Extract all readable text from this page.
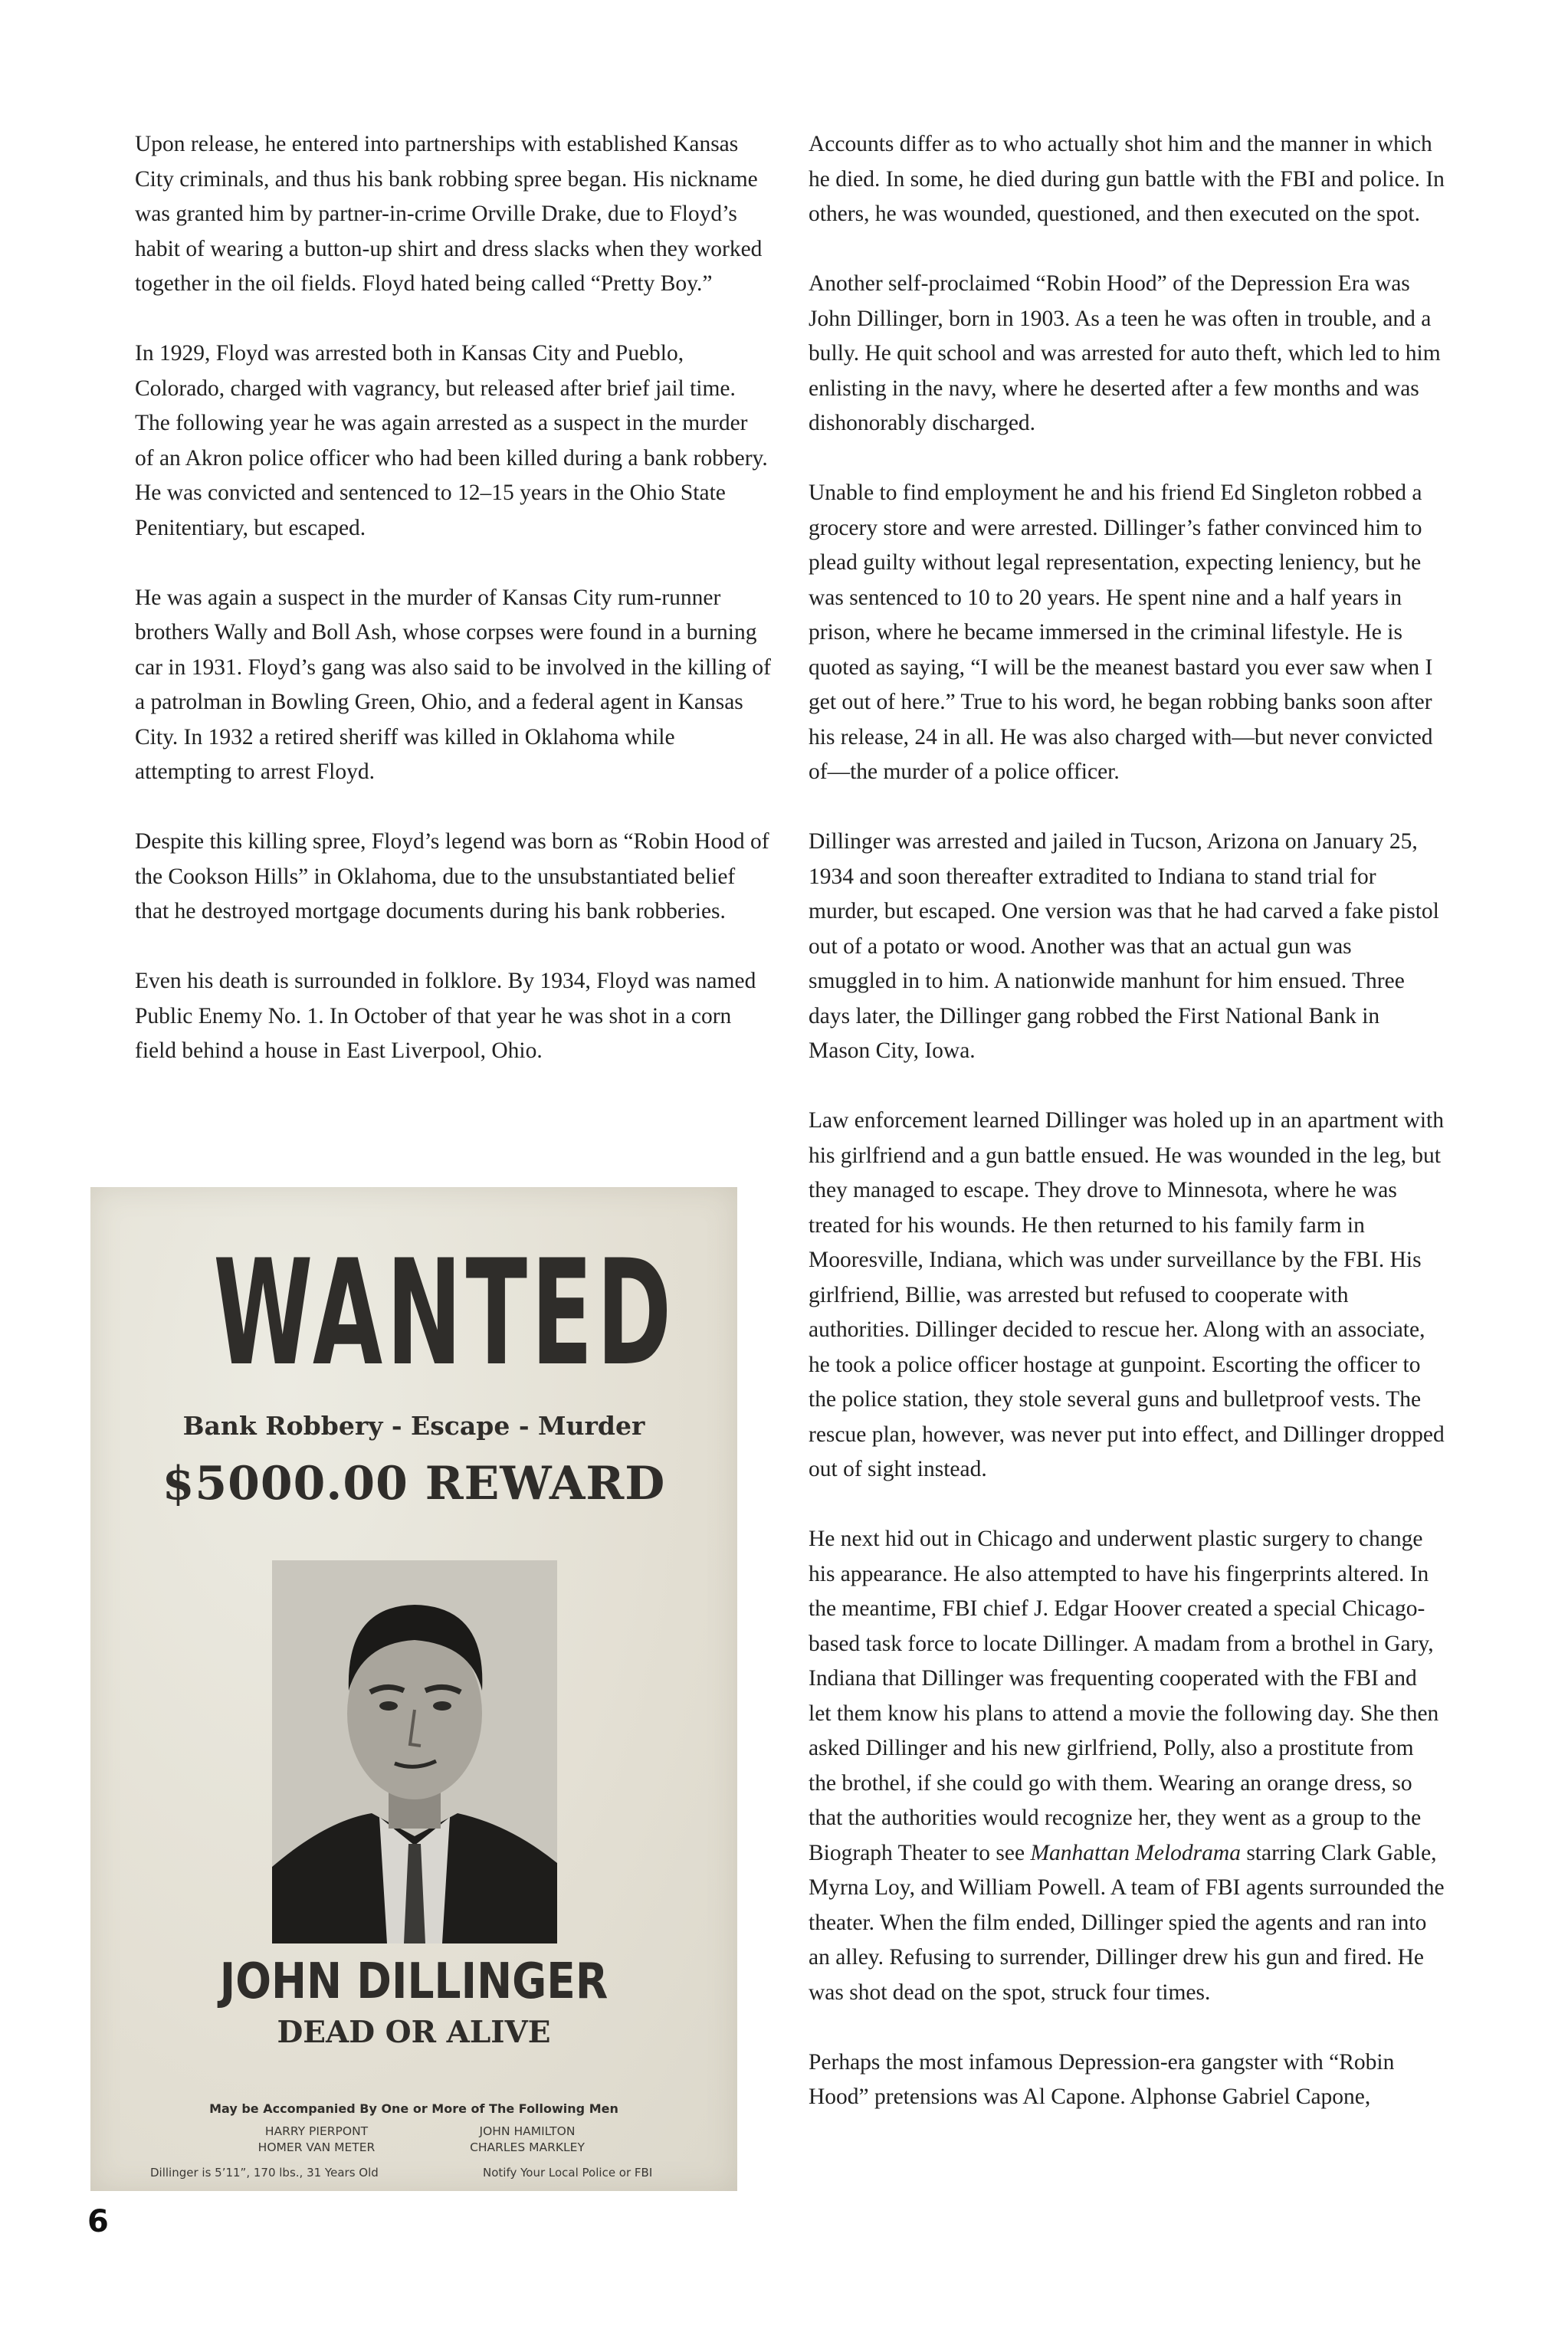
Upon release, he entered into partnerships with established Kansas City criminals, and thus his bank robbing spree began. His nickname was granted him by partner-in-crime Orville Drake, due to Floyd’s habit of wearing a button-up shirt and dress slacks when they worked together in the oil fields. Floyd hated being called “Pretty Boy.”

In 1929, Floyd was arrested both in Kansas City and Pueblo, Colorado, charged with vagrancy, but released after brief jail time. The following year he was again arrested as a suspect in the murder of an Akron police officer who had been killed during a bank robbery. He was convicted and sentenced to 12–15 years in the Ohio State Penitentiary, but escaped.

He was again a suspect in the murder of Kansas City rum-runner brothers Wally and Boll Ash, whose corpses were found in a burning car in 1931. Floyd’s gang was also said to be involved in the killing of a patrolman in Bowling Green, Ohio, and a federal agent in Kansas City. In 1932 a retired sheriff was killed in Oklahoma while attempting to arrest Floyd.

Despite this killing spree, Floyd’s legend was born as “Robin Hood of the Cookson Hills” in Oklahoma, due to the unsubstantiated belief that he destroyed mortgage documents during his bank robberies.

Even his death is surrounded in folklore. By 1934, Floyd was named Public Enemy No. 1. In October of that year he was shot in a corn field behind a house in East Liverpool, Ohio.

Accounts differ as to who actually shot him and the manner in which he died. In some, he died during gun battle with the FBI and police. In others, he was wounded, questioned, and then executed on the spot.

Another self-proclaimed “Robin Hood” of the Depression Era was John Dillinger, born in 1903. As a teen he was often in trouble, and a bully. He quit school and was arrested for auto theft, which led to him enlisting in the navy, where he deserted after a few months and was dishonorably discharged.

Unable to find employment he and his friend Ed Singleton robbed a grocery store and were arrested. Dillinger’s father convinced him to plead guilty without legal representation, expecting leniency, but he was sentenced to 10 to 20 years. He spent nine and a half years in prison, where he became immersed in the criminal lifestyle. He is quoted as saying, “I will be the meanest bastard you ever saw when I get out of here.” True to his word, he began robbing banks soon after his release, 24 in all. He was also charged with—but never convicted of—the murder of a police officer.

Dillinger was arrested and jailed in Tucson, Arizona on January 25, 1934 and soon thereafter extradited to Indiana to stand trial for murder, but escaped. One version was that he had carved a fake pistol out of a potato or wood. Another was that an actual gun was smuggled in to him. A nationwide manhunt for him ensued. Three days later, the Dillinger gang robbed the First National Bank in Mason City, Iowa.

Law enforcement learned Dillinger was holed up in an apartment with his girlfriend and a gun battle ensued. He was wounded in the leg, but they managed to escape. They drove to Minnesota, where he was treated for his wounds. He then returned to his family farm in Mooresville, Indiana, which was under surveillance by the FBI. His girlfriend, Billie, was arrested but refused to cooperate with authorities. Dillinger decided to rescue her. Along with an associate, he took a police officer hostage at gunpoint. Escorting the officer to the police station, they stole several guns and bulletproof vests. The rescue plan, however, was never put into effect, and Dillinger dropped out of sight instead.

He next hid out in Chicago and underwent plastic surgery to change his appearance. He also attempted to have his fingerprints altered. In the meantime, FBI chief J. Edgar Hoover created a special Chicago-based task force to locate Dillinger. A madam from a brothel in Gary, Indiana that Dillinger was frequenting cooperated with the FBI and let them know his plans to attend a movie the following day. She then asked Dillinger and his new girlfriend, Polly, also a prostitute from the brothel, if she could go with them. Wearing an orange dress, so that the authorities would recognize her, they went as a group to the Biograph Theater to see Manhattan Melodrama starring Clark Gable, Myrna Loy, and William Powell. A team of FBI agents surrounded the theater. When the film ended, Dillinger spied the agents and ran into an alley. Refusing to surrender, Dillinger drew his gun and fired. He was shot dead on the spot, struck four times.

Perhaps the most infamous Depression-era gangster with “Robin Hood” pretensions was Al Capone. Alphonse Gabriel Capone,

WANTED
Bank Robbery - Escape - Murder
$5000.00 REWARD
JOHN DILLINGER
DEAD OR ALIVE
May be Accompanied By One or More of The Following Men
HARRY PIERPONT
HOMER VAN METER
JOHN HAMILTON
CHARLES MARKLEY
Dillinger is 5’11”, 170 lbs., 31 Years Old	Notify Your Local Police or FBI
6
